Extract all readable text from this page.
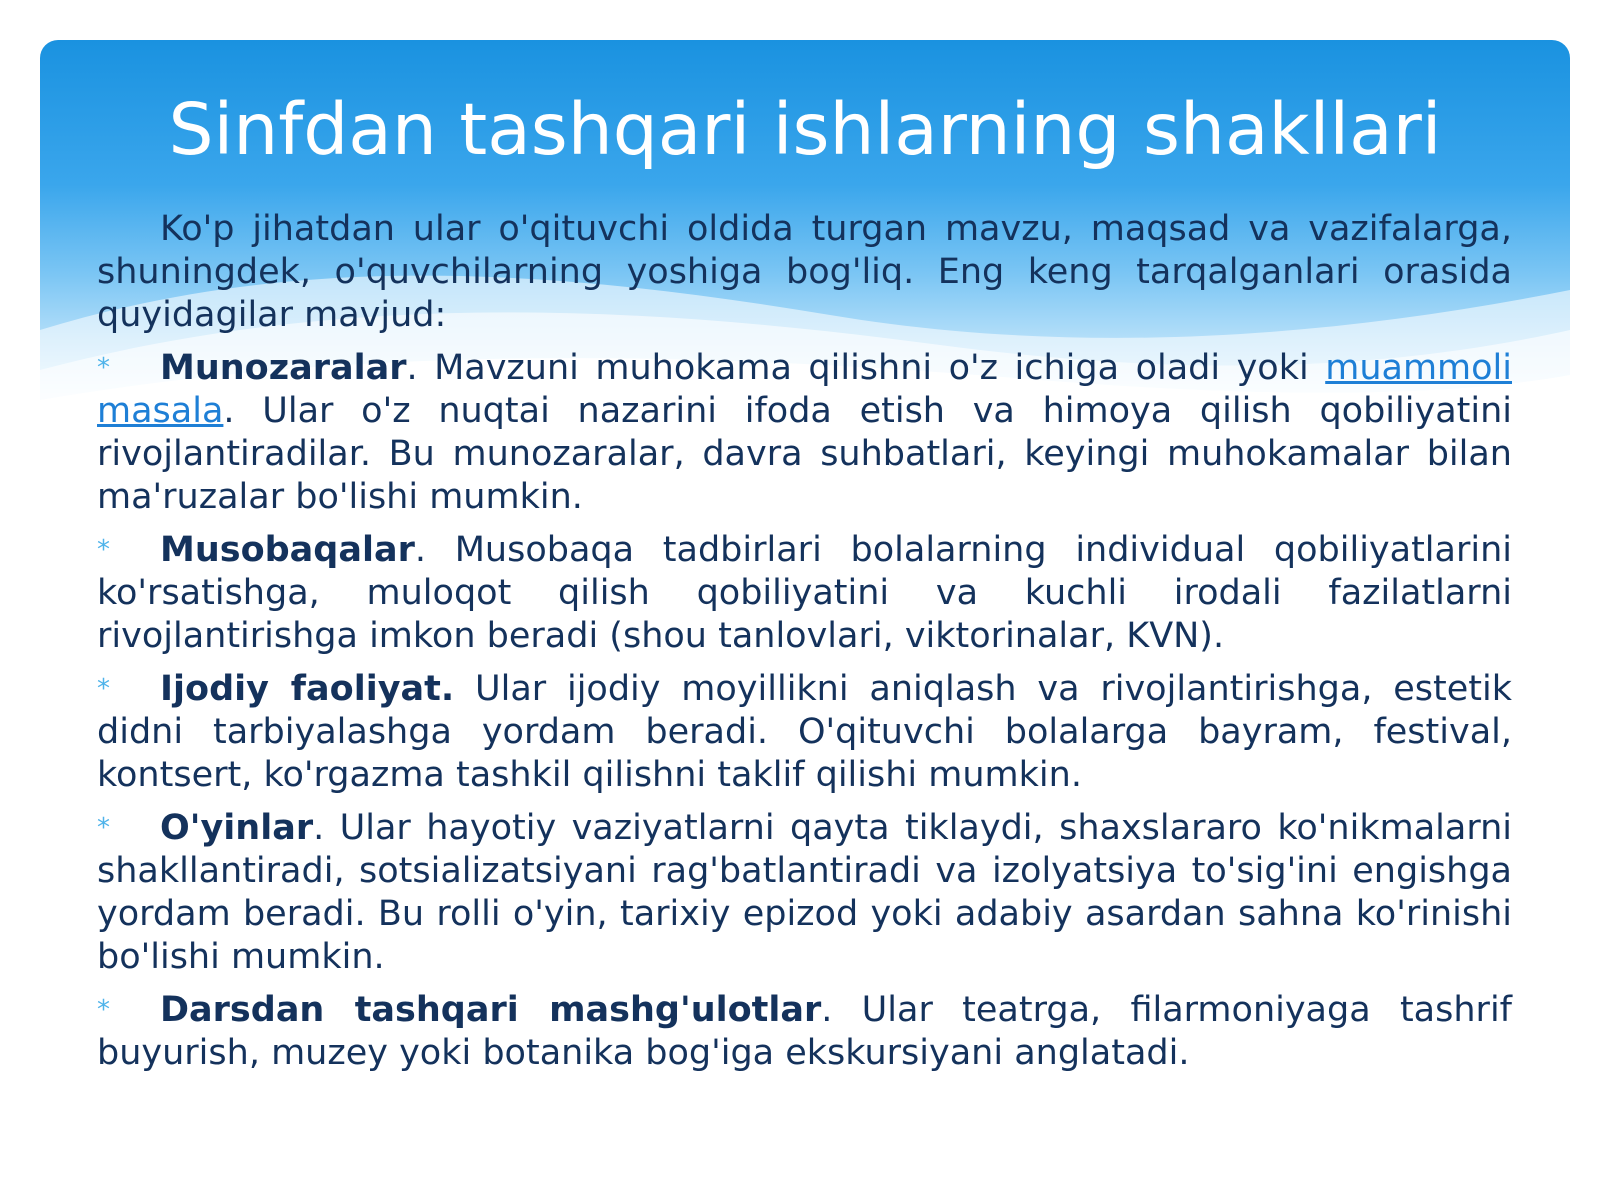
Sinfdan tashqari ishlarning shakllari

Ko'p jihatdan ular o'qituvchi oldida turgan mavzu, maqsad va vazifalarga, shuningdek, o'quvchilarning yoshiga bog'liq. Eng keng tarqalganlari orasida quyidagilar mavjud:

* Munozaralar. Mavzuni muhokama qilishni o'z ichiga oladi yoki muammoli masala. Ular o'z nuqtai nazarini ifoda etish va himoya qilish qobiliyatini rivojlantiradilar. Bu munozaralar, davra suhbatlari, keyingi muhokamalar bilan ma'ruzalar bo'lishi mumkin.
* Musobaqalar. Musobaqa tadbirlari bolalarning individual qobiliyatlarini ko'rsatishga, muloqot qilish qobiliyatini va kuchli irodali fazilatlarni rivojlantirishga imkon beradi (shou tanlovlari, viktorinalar, KVN).
* Ijodiy faoliyat. Ular ijodiy moyillikni aniqlash va rivojlantirishga, estetik didni tarbiyalashga yordam beradi. O'qituvchi bolalarga bayram, festival, kontsert, ko'rgazma tashkil qilishni taklif qilishi mumkin.
* O'yinlar. Ular hayotiy vaziyatlarni qayta tiklaydi, shaxslararo ko'nikmalarni shakllantiradi, sotsializatsiyani rag'batlantiradi va izolyatsiya to'sig'ini engishga yordam beradi. Bu rolli o'yin, tarixiy epizod yoki adabiy asardan sahna ko'rinishi bo'lishi mumkin.
* Darsdan tashqari mashg'ulotlar. Ular teatrga, filarmoniyaga tashrif buyurish, muzey yoki botanika bog'iga ekskursiyani anglatadi.
